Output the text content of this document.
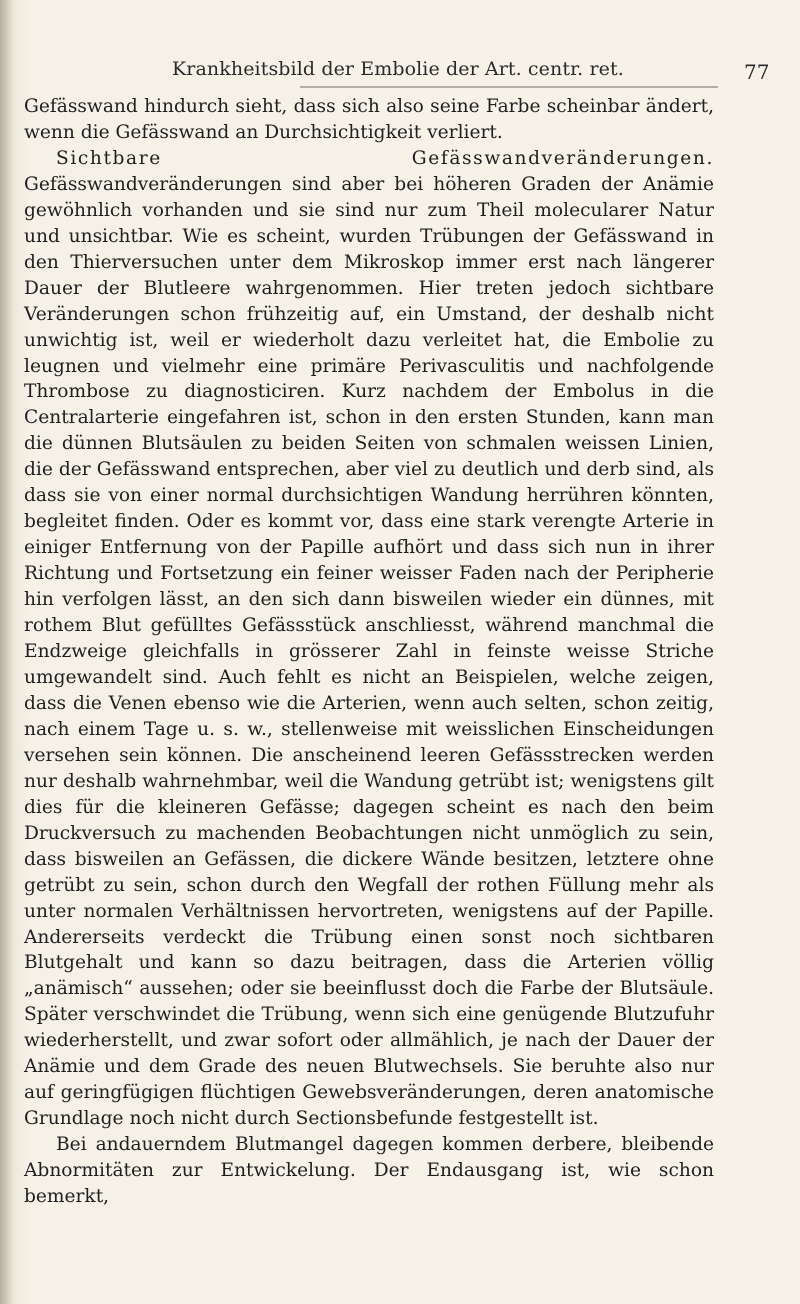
Krankheitsbild der Embolie der Art. centr. ret.	77

Gefässwand hindurch sieht, dass sich also seine Farbe scheinbar ändert, wenn die Gefässwand an Durchsichtigkeit verliert.

Sichtbare Gefässwandveränderungen. Gefässwandveränderungen sind aber bei höheren Graden der Anämie gewöhnlich vorhanden und sie sind nur zum Theil molecularer Natur und unsichtbar. Wie es scheint, wurden Trübungen der Gefässwand in den Thierversuchen unter dem Mikroskop immer erst nach längerer Dauer der Blutleere wahrgenommen. Hier treten jedoch sichtbare Veränderungen schon frühzeitig auf, ein Umstand, der deshalb nicht unwichtig ist, weil er wiederholt dazu verleitet hat, die Embolie zu leugnen und vielmehr eine primäre Perivasculitis und nachfolgende Thrombose zu diagnosticiren. Kurz nachdem der Embolus in die Centralarterie eingefahren ist, schon in den ersten Stunden, kann man die dünnen Blutsäulen zu beiden Seiten von schmalen weissen Linien, die der Gefässwand entsprechen, aber viel zu deutlich und derb sind, als dass sie von einer normal durchsichtigen Wandung herrühren könnten, begleitet finden. Oder es kommt vor, dass eine stark verengte Arterie in einiger Entfernung von der Papille aufhört und dass sich nun in ihrer Richtung und Fortsetzung ein feiner weisser Faden nach der Peripherie hin verfolgen lässt, an den sich dann bisweilen wieder ein dünnes, mit rothem Blut gefülltes Gefässstück anschliesst, während manchmal die Endzweige gleichfalls in grösserer Zahl in feinste weisse Striche umgewandelt sind. Auch fehlt es nicht an Beispielen, welche zeigen, dass die Venen ebenso wie die Arterien, wenn auch selten, schon zeitig, nach einem Tage u. s. w., stellenweise mit weisslichen Einscheidungen versehen sein können. Die anscheinend leeren Gefässstrecken werden nur deshalb wahrnehmbar, weil die Wandung getrübt ist; wenigstens gilt dies für die kleineren Gefässe; dagegen scheint es nach den beim Druckversuch zu machenden Beobachtungen nicht unmöglich zu sein, dass bisweilen an Gefässen, die dickere Wände besitzen, letztere ohne getrübt zu sein, schon durch den Wegfall der rothen Füllung mehr als unter normalen Verhältnissen hervortreten, wenigstens auf der Papille. Andererseits verdeckt die Trübung einen sonst noch sichtbaren Blutgehalt und kann so dazu beitragen, dass die Arterien völlig „anämisch“ aussehen; oder sie beeinflusst doch die Farbe der Blutsäule. Später verschwindet die Trübung, wenn sich eine genügende Blutzufuhr wiederherstellt, und zwar sofort oder allmählich, je nach der Dauer der Anämie und dem Grade des neuen Blutwechsels. Sie beruhte also nur auf geringfügigen flüchtigen Gewebsveränderungen, deren anatomische Grundlage noch nicht durch Sectionsbefunde festgestellt ist.

Bei andauerndem Blutmangel dagegen kommen derbere, bleibende Abnormitäten zur Entwickelung. Der Endausgang ist, wie schon bemerkt,
